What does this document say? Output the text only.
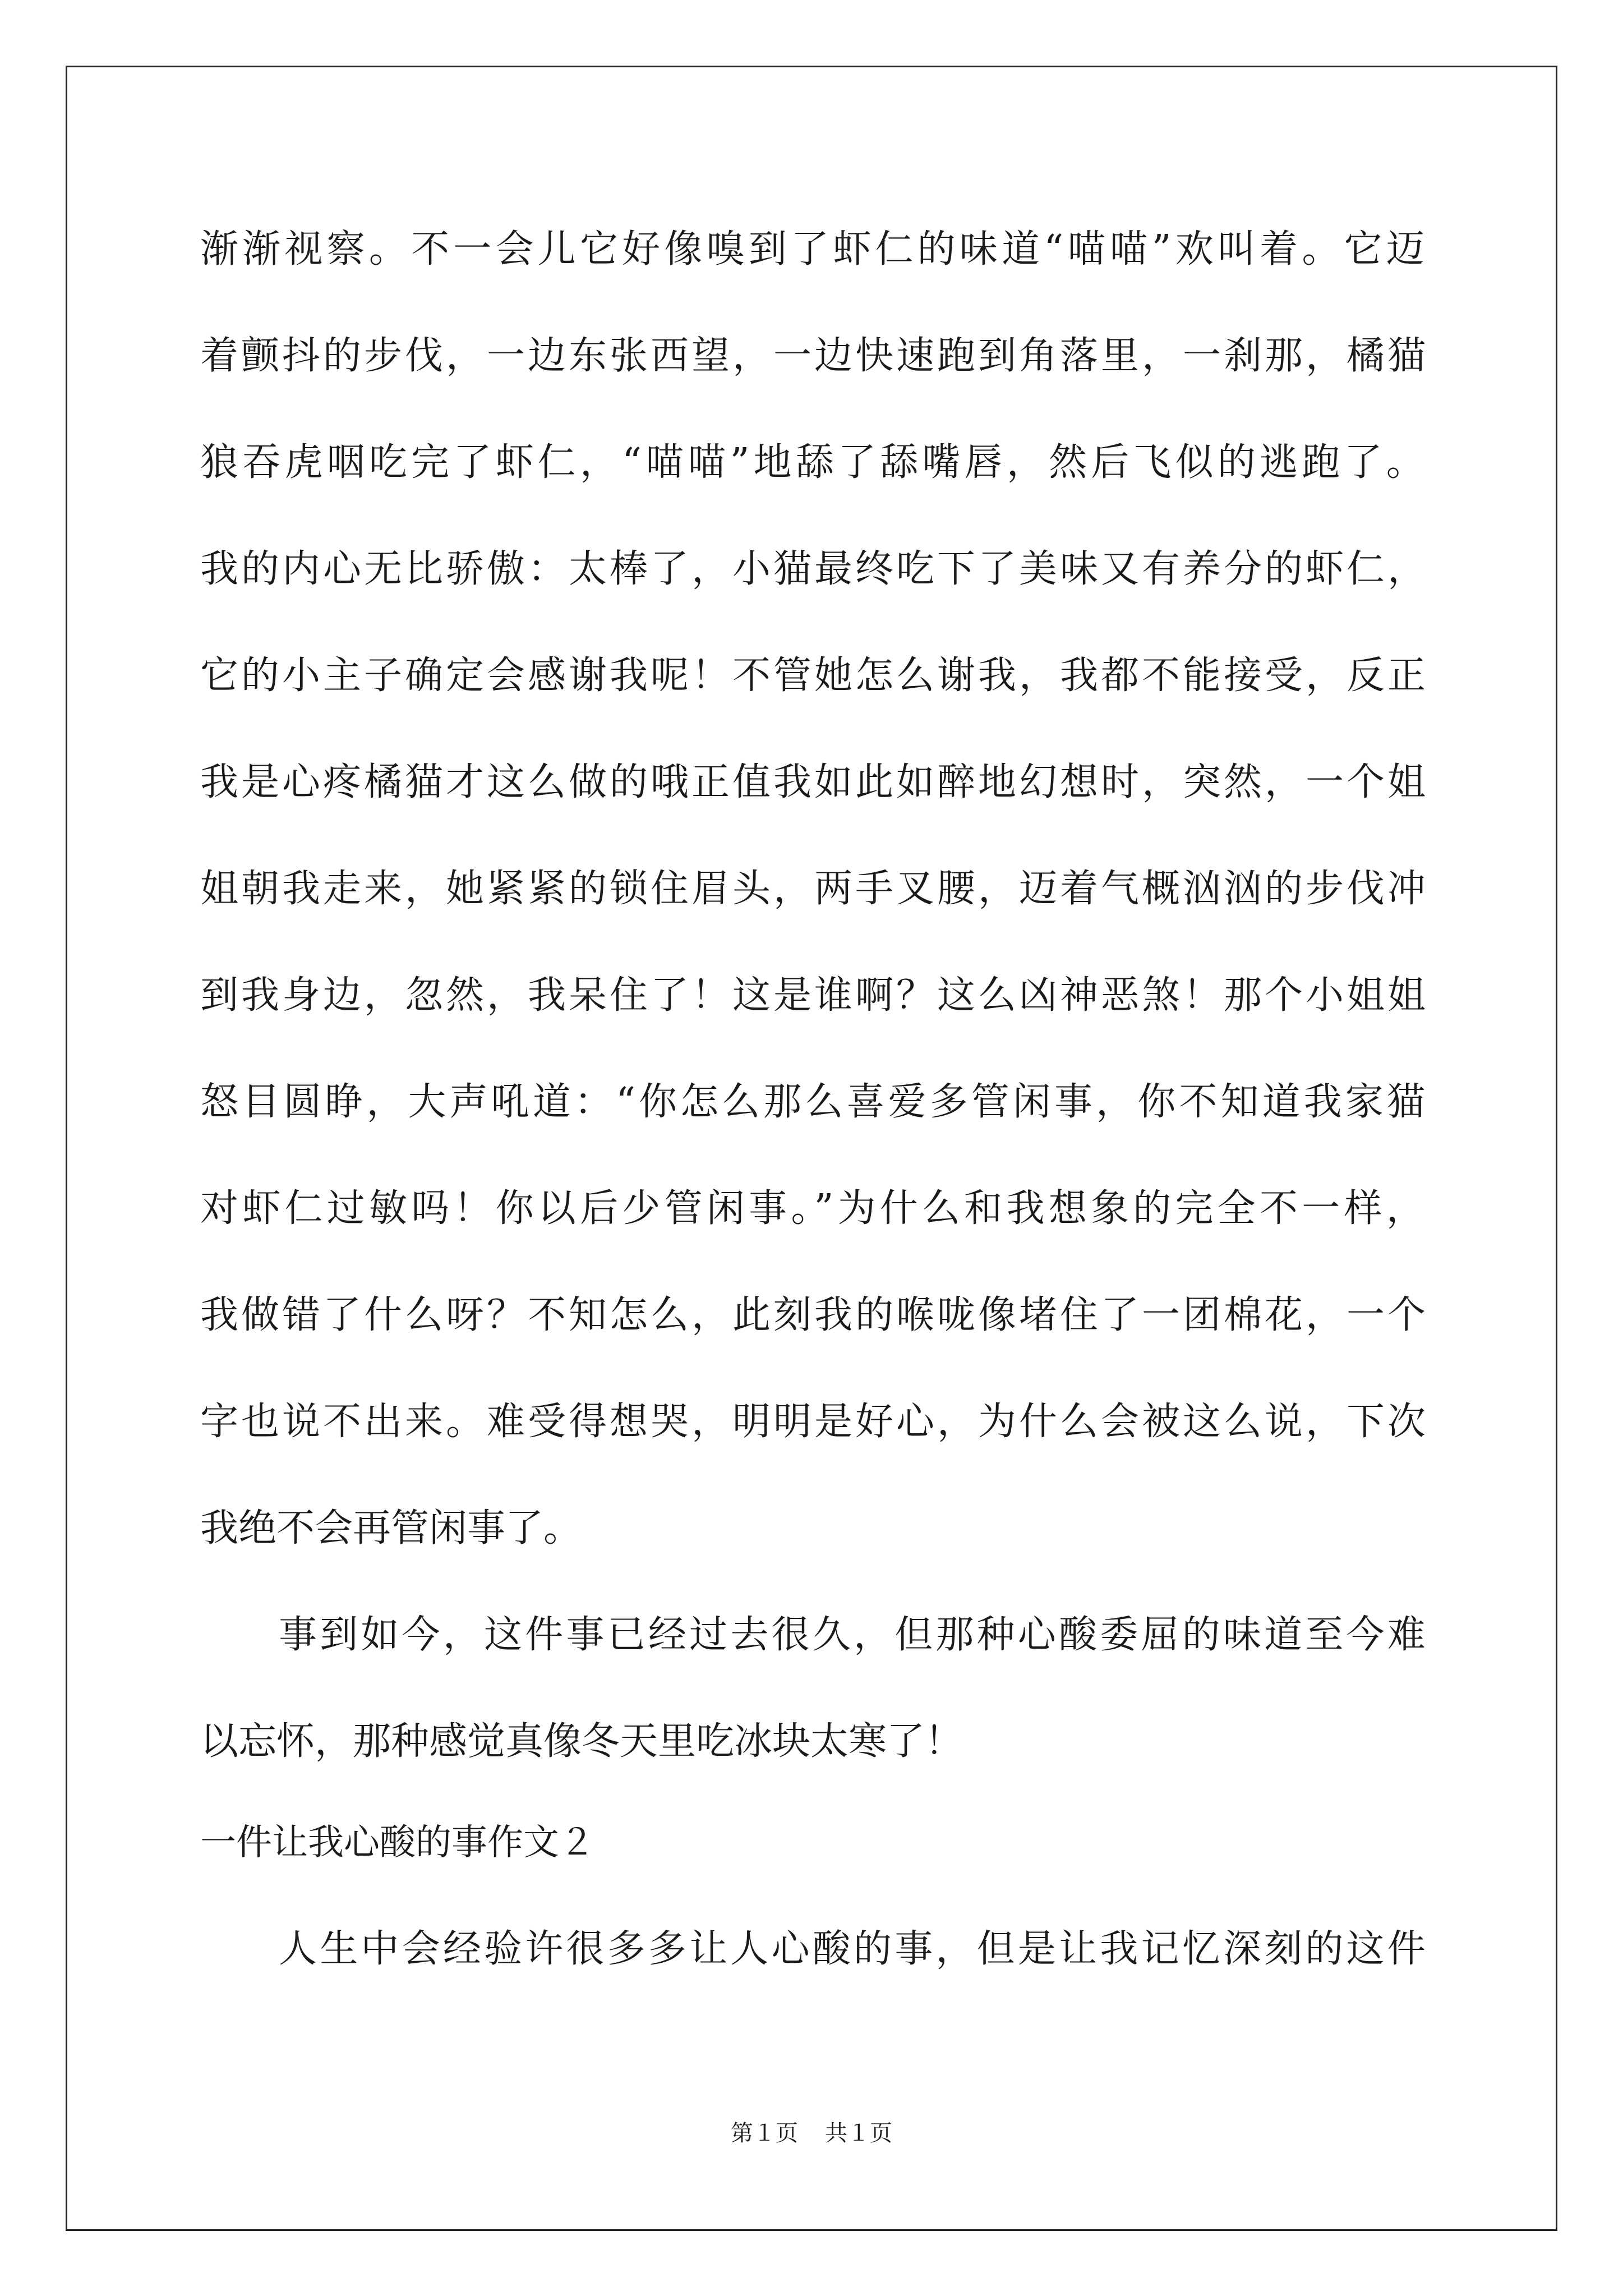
渐渐视察。不一会儿它好像嗅到了虾仁的味道“喵喵”欢叫着。它迈
着颤抖的步伐，一边东张西望，一边快速跑到角落里，一刹那，橘猫
狼吞虎咽吃完了虾仁，“喵喵”地舔了舔嘴唇，然后飞似的逃跑了。
我的内心无比骄傲：太棒了，小猫最终吃下了美味又有养分的虾仁，
它的小主子确定会感谢我呢！不管她怎么谢我，我都不能接受，反正
我是心疼橘猫才这么做的哦正值我如此如醉地幻想时，突然，一个姐
姐朝我走来，她紧紧的锁住眉头，两手叉腰，迈着气概汹汹的步伐冲
到我身边，忽然，我呆住了！这是谁啊？这么凶神恶煞！那个小姐姐
怒目圆睁，大声吼道：“你怎么那么喜爱多管闲事，你不知道我家猫
对虾仁过敏吗！你以后少管闲事。”为什么和我想象的完全不一样，
我做错了什么呀？不知怎么，此刻我的喉咙像堵住了一团棉花，一个
字也说不出来。难受得想哭，明明是好心，为什么会被这么说，下次
我绝不会再管闲事了。
事到如今，这件事已经过去很久，但那种心酸委屈的味道至今难
以忘怀，那种感觉真像冬天里吃冰块太寒了！
一件让我心酸的事作文２
人生中会经验许很多多让人心酸的事，但是让我记忆深刻的这件
第１页 共１页
